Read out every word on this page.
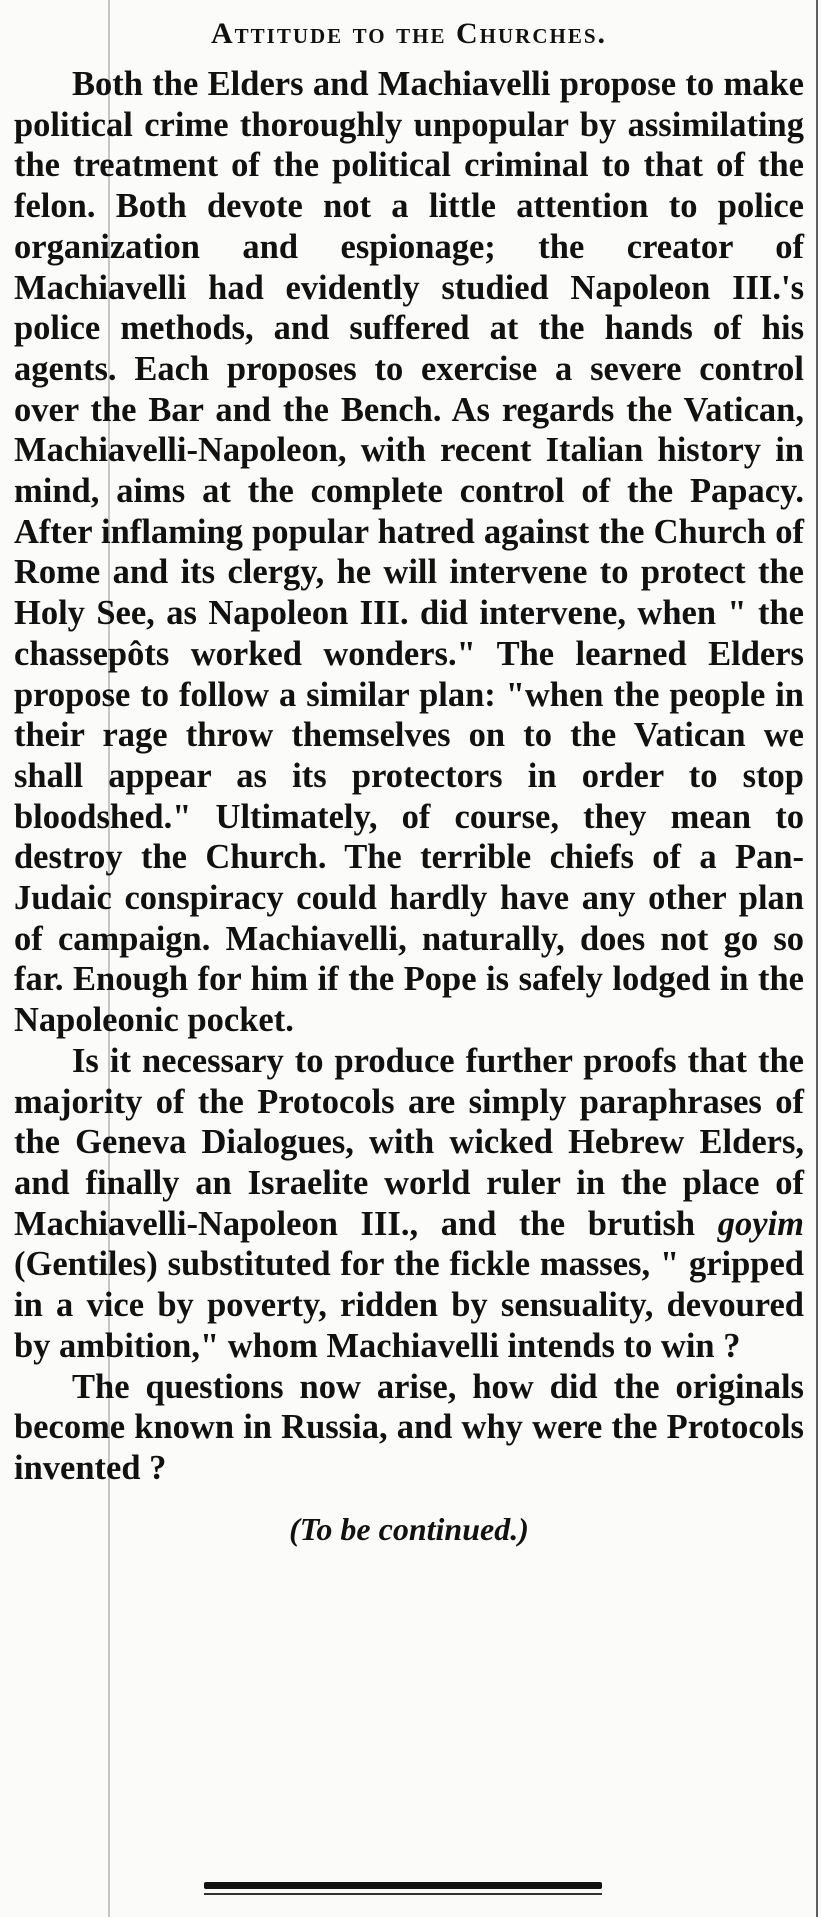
Attitude to the Churches.

Both the Elders and Machiavelli propose to make political crime thoroughly unpopular by assimilating the treatment of the political criminal to that of the felon. Both devote not a little attention to police organization and espionage; the creator of Machiavelli had evidently studied Napoleon III.'s police methods, and suffered at the hands of his agents. Each proposes to exercise a severe control over the Bar and the Bench. As regards the Vatican, Machiavelli-Napoleon, with recent Italian history in mind, aims at the complete control of the Papacy. After inflaming popular hatred against the Church of Rome and its clergy, he will intervene to protect the Holy See, as Napoleon III. did intervene, when " the chassepôts worked wonders." The learned Elders propose to follow a similar plan: "when the people in their rage throw themselves on to the Vatican we shall appear as its protectors in order to stop bloodshed." Ultimately, of course, they mean to destroy the Church. The terrible chiefs of a Pan-Judaic conspiracy could hardly have any other plan of campaign. Machiavelli, naturally, does not go so far. Enough for him if the Pope is safely lodged in the Napoleonic pocket.

Is it necessary to produce further proofs that the majority of the Protocols are simply paraphrases of the Geneva Dialogues, with wicked Hebrew Elders, and finally an Israelite world ruler in the place of Machiavelli-Napoleon III., and the brutish goyim (Gentiles) substituted for the fickle masses, " gripped in a vice by poverty, ridden by sensuality, devoured by ambition," whom Machiavelli intends to win ?

The questions now arise, how did the originals become known in Russia, and why were the Protocols invented ?

(To be continued.)
